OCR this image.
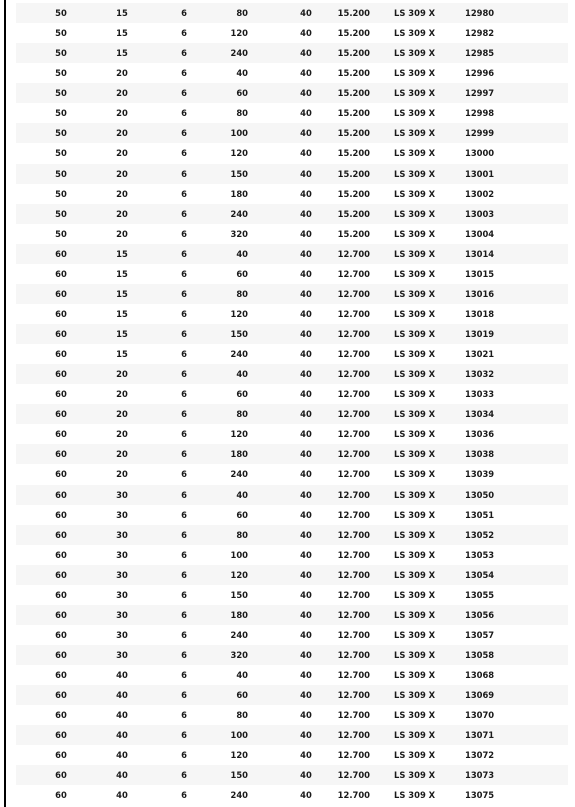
50	15	6	80	40	15.200	LS 309 X	12980
50	15	6	120	40	15.200	LS 309 X	12982
50	15	6	240	40	15.200	LS 309 X	12985
50	20	6	40	40	15.200	LS 309 X	12996
50	20	6	60	40	15.200	LS 309 X	12997
50	20	6	80	40	15.200	LS 309 X	12998
50	20	6	100	40	15.200	LS 309 X	12999
50	20	6	120	40	15.200	LS 309 X	13000
50	20	6	150	40	15.200	LS 309 X	13001
50	20	6	180	40	15.200	LS 309 X	13002
50	20	6	240	40	15.200	LS 309 X	13003
50	20	6	320	40	15.200	LS 309 X	13004
60	15	6	40	40	12.700	LS 309 X	13014
60	15	6	60	40	12.700	LS 309 X	13015
60	15	6	80	40	12.700	LS 309 X	13016
60	15	6	120	40	12.700	LS 309 X	13018
60	15	6	150	40	12.700	LS 309 X	13019
60	15	6	240	40	12.700	LS 309 X	13021
60	20	6	40	40	12.700	LS 309 X	13032
60	20	6	60	40	12.700	LS 309 X	13033
60	20	6	80	40	12.700	LS 309 X	13034
60	20	6	120	40	12.700	LS 309 X	13036
60	20	6	180	40	12.700	LS 309 X	13038
60	20	6	240	40	12.700	LS 309 X	13039
60	30	6	40	40	12.700	LS 309 X	13050
60	30	6	60	40	12.700	LS 309 X	13051
60	30	6	80	40	12.700	LS 309 X	13052
60	30	6	100	40	12.700	LS 309 X	13053
60	30	6	120	40	12.700	LS 309 X	13054
60	30	6	150	40	12.700	LS 309 X	13055
60	30	6	180	40	12.700	LS 309 X	13056
60	30	6	240	40	12.700	LS 309 X	13057
60	30	6	320	40	12.700	LS 309 X	13058
60	40	6	40	40	12.700	LS 309 X	13068
60	40	6	60	40	12.700	LS 309 X	13069
60	40	6	80	40	12.700	LS 309 X	13070
60	40	6	100	40	12.700	LS 309 X	13071
60	40	6	120	40	12.700	LS 309 X	13072
60	40	6	150	40	12.700	LS 309 X	13073
60	40	6	240	40	12.700	LS 309 X	13075
